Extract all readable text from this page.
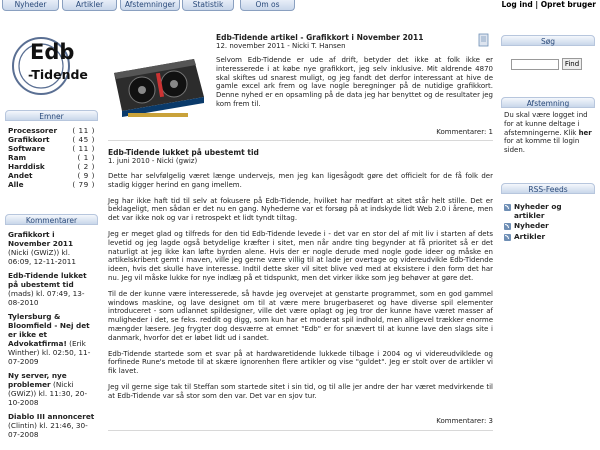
Nyheder	Artikler	Afstemninger	Statistik	Om os	Log ind | Opret bruger
Edb
-Tidende
Emner
Processorer ( 11 )
Grafikkort	( 45 )
Software	( 11 )
Ram	( 1 )
Harddisk	( 2 )
Andet	( 9 )
Alle	( 79 )
Kommentarer
Grafikkort i November 2011 (Nicki (GWiZ)) kl. 06:09, 12-11-2011
Edb-Tidende lukket på ubestemt tid (mads) kl. 07:49, 13-08-2010
Tylersburg & Bloomfield - Nej det er ikke et Advokatfirma! (Erik Winther) kl. 02:50, 11-07-2009
Ny server, nye problemer (Nicki (GWiZ)) kl. 11:30, 20-10-2008
Diablo III annonceret (Clintin) kl. 21:46, 30-07-2008
Edb-Tidende artikel - Grafikkort i November 2011
12. november 2011 - Nicki T. Hansen
Selvom Edb-Tidende er ude af drift, betyder det ikke at folk ikke er interesserede i at købe nye grafikkort, jeg selv inklusive. Mit aldrende 4870 skal skiftes ud snarest muligt, og jeg fandt det derfor interessant at hive de gamle excel ark frem og lave nogle beregninger på de nutidige grafikkort. Denne nyhed er en opsamling på de data jeg har benyttet og de resultater jeg kom frem til.
Kommentarer: 1
Edb-Tidende lukket på ubestemt tid
1. juni 2010 - Nicki (gwiz)
Dette har selvfølgelig været længe undervejs, men jeg kan ligesågodt gøre det officielt for de få folk der stadig kigger herind en gang imellem.
Jeg har ikke haft tid til selv at fokusere på Edb-Tidende, hvilket har medført at sitet står helt stille. Det er beklageligt, men sådan er det nu en gang. Nyhederne var et forsøg på at indskyde lidt Web 2.0 i årene, men det var ikke nok og var i retrospekt et lidt tyndt tiltag.
Jeg er meget glad og tilfreds for den tid Edb-Tidende levede i - det var en stor del af mit liv i starten af dets levetid og jeg lagde også betydelige kræfter i sitet, men når andre ting begynder at få prioritet så er det naturligt at jeg ikke kan løfte byrden alene. Hvis der er nogle derude med nogle gode ideer og måske en artikelskribent gemt i maven, ville jeg gerne være villig til at lade jer overtage og videreudvikle Edb-Tidende ideen, hvis det skulle have interesse. Indtil dette sker vil sitet blive ved med at eksistere i den form det har nu. Jeg vil måske lukke for nye indlæg på et tidspunkt, men det virker ikke som jeg behøver at gøre det.
Til de der kunne være interesserede, så havde jeg overvejet at genstarte programmet, som en god gammel windows maskine, og lave designet om til at være mere brugerbaseret og have diverse spil elementer introduceret - som udlannet spildesigner, ville det være oplagt og jeg tror der kunne have været masser af muligheder i det, se feks. reddit og digg, som kun har et moderat spil indhold, men alligevel trækker enorme mængder læsere. Jeg frygter dog desværre at emnet "Edb" er for snævert til at kunne lave den slags site i danmark, hvorfor det er løbet lidt ud i sandet.
Edb-Tidende startede som et svar på at hardwaretidende lukkede tilbage i 2004 og vi videreudviklede og forfinede Rune's metode til at skære ignorenhen flere artikler og vise "guldet". Jeg er stolt over de artikler vi fik lavet.
Jeg vil gerne sige tak til Steffan som startede sitet i sin tid, og til alle jer andre der har været medvirkende til at Edb-Tidende var så stor som den var. Det var en sjov tur.
Kommentarer: 3
Søg
Find
Afstemning
Du skal være logget ind for at kunne deltage i afstemningerne. Klik her for at komme til login siden.
RSS-Feeds
Nyheder og artikler
Nyheder
Artikler
